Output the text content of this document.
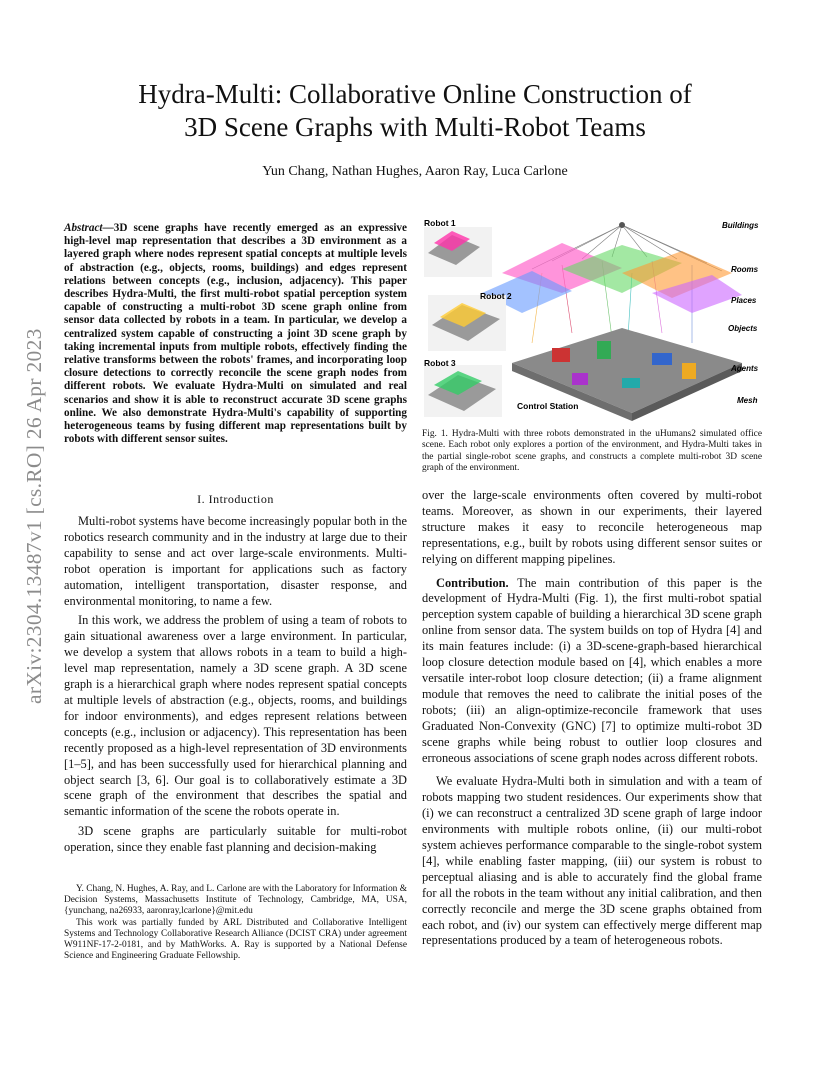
arXiv:2304.13487v1 [cs.RO] 26 Apr 2023
Hydra-Multi: Collaborative Online Construction of
3D Scene Graphs with Multi-Robot Teams
Yun Chang, Nathan Hughes, Aaron Ray, Luca Carlone
Abstract—3D scene graphs have recently emerged as an expressive high-level map representation that describes a 3D environment as a layered graph where nodes represent spatial concepts at multiple levels of abstraction (e.g., objects, rooms, buildings) and edges represent relations between concepts (e.g., inclusion, adjacency). This paper describes Hydra-Multi, the first multi-robot spatial perception system capable of constructing a multi-robot 3D scene graph online from sensor data collected by robots in a team. In particular, we develop a centralized system capable of constructing a joint 3D scene graph by taking incremental inputs from multiple robots, effectively finding the relative transforms between the robots' frames, and incorporating loop closure detections to correctly reconcile the scene graph nodes from different robots. We evaluate Hydra-Multi on simulated and real scenarios and show it is able to reconstruct accurate 3D scene graphs online. We also demonstrate Hydra-Multi's capability of supporting heterogeneous teams by fusing different map representations built by robots with different sensor suites.
I. Introduction

Multi-robot systems have become increasingly popular both in the robotics research community and in the industry at large due to their capability to sense and act over large-scale environments. Multi-robot operation is important for applications such as factory automation, intelligent transportation, disaster response, and environmental monitoring, to name a few.

In this work, we address the problem of using a team of robots to gain situational awareness over a large environment. In particular, we develop a system that allows robots in a team to build a high-level map representation, namely a 3D scene graph. A 3D scene graph is a hierarchical graph where nodes represent spatial concepts at multiple levels of abstraction (e.g., objects, rooms, and buildings for indoor environments), and edges represent relations between concepts (e.g., inclusion or adjacency). This representation has been recently proposed as a high-level representation of 3D environments [1–5], and has been successfully used for hierarchical planning and object search [3, 6]. Our goal is to collaboratively estimate a 3D scene graph of the environment that describes the spatial and semantic information of the scene the robots operate in.

3D scene graphs are particularly suitable for multi-robot operation, since they enable fast planning and decision-making

Y. Chang, N. Hughes, A. Ray, and L. Carlone are with the Laboratory for Information & Decision Systems, Massachusetts Institute of Technology, Cambridge, MA, USA, {yunchang, na26933, aaronray,lcarlone}@mit.edu

This work was partially funded by ARL Distributed and Collaborative Intelligent Systems and Technology Collaborative Research Alliance (DCIST CRA) under agreement W911NF-17-2-0181, and by MathWorks. A. Ray is supported by a National Defense Science and Engineering Graduate Fellowship.

Robot 1
Robot 2
Robot 3
Control Station
Buildings
Rooms
Places
Objects
Agents
Mesh
Fig. 1. Hydra-Multi with three robots demonstrated in the uHumans2 simulated office scene. Each robot only explores a portion of the environment, and Hydra-Multi takes in the partial single-robot scene graphs, and constructs a complete multi-robot 3D scene graph of the environment.

over the large-scale environments often covered by multi-robot teams. Moreover, as shown in our experiments, their layered structure makes it easy to reconcile heterogeneous map representations, e.g., built by robots using different sensor suites or relying on different mapping pipelines.

Contribution. The main contribution of this paper is the development of Hydra-Multi (Fig. 1), the first multi-robot spatial perception system capable of building a hierarchical 3D scene graph online from sensor data. The system builds on top of Hydra [4] and its main features include: (i) a 3D-scene-graph-based hierarchical loop closure detection module based on [4], which enables a more versatile inter-robot loop closure detection; (ii) a frame alignment module that removes the need to calibrate the initial poses of the robots; (iii) an align-optimize-reconcile framework that uses Graduated Non-Convexity (GNC) [7] to optimize multi-robot 3D scene graphs while being robust to outlier loop closures and erroneous associations of scene graph nodes across different robots.

We evaluate Hydra-Multi both in simulation and with a team of robots mapping two student residences. Our experiments show that (i) we can reconstruct a centralized 3D scene graph of large indoor environments with multiple robots online, (ii) our multi-robot system achieves performance comparable to the single-robot system [4], while enabling faster mapping, (iii) our system is robust to perceptual aliasing and is able to accurately find the global frame for all the robots in the team without any initial calibration, and then correctly reconcile and merge the 3D scene graphs obtained from each robot, and (iv) our system can effectively merge different map representations produced by a team of heterogeneous robots.
